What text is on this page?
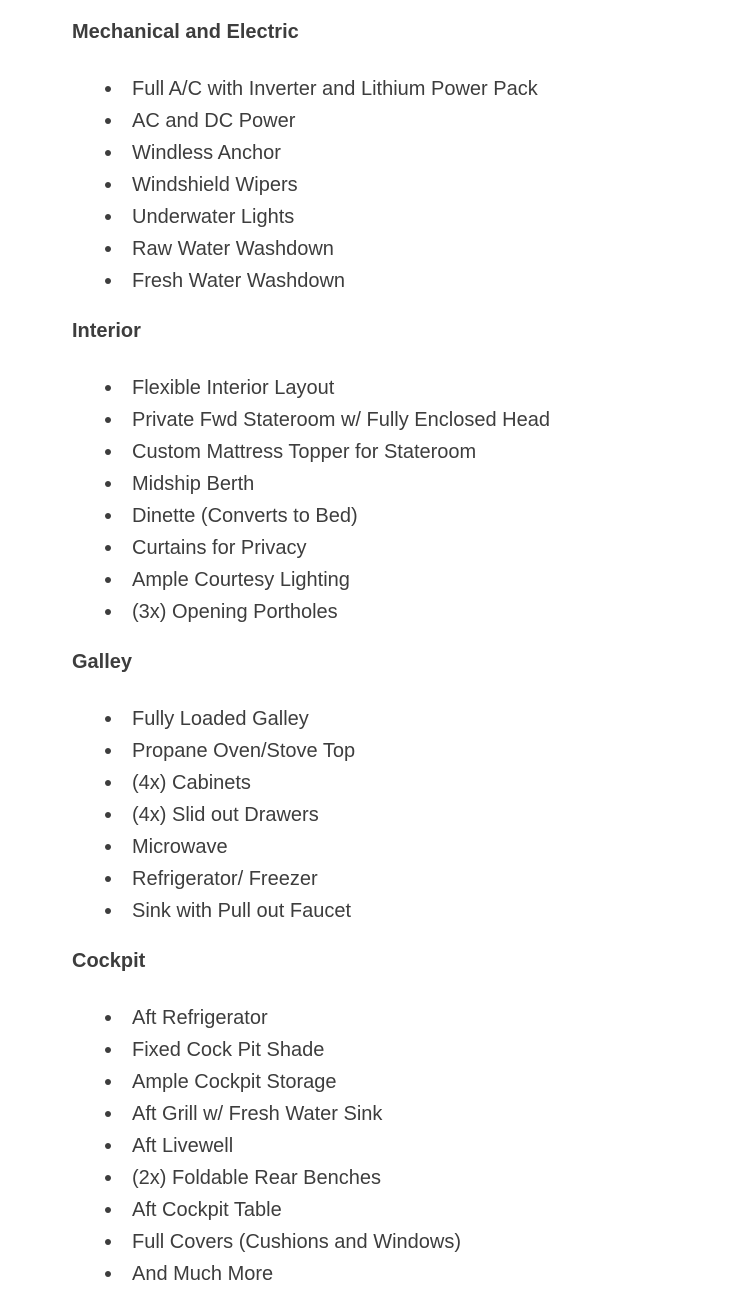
Mechanical and Electric
Full A/C with Inverter and Lithium Power Pack
AC and DC Power
Windless Anchor
Windshield Wipers
Underwater Lights
Raw Water Washdown
Fresh Water Washdown
Interior
Flexible Interior Layout
Private Fwd Stateroom w/ Fully Enclosed Head
Custom Mattress Topper for Stateroom
Midship Berth
Dinette (Converts to Bed)
Curtains for Privacy
Ample Courtesy Lighting
(3x) Opening Portholes
Galley
Fully Loaded Galley
Propane Oven/Stove Top
(4x) Cabinets
(4x) Slid out Drawers
Microwave
Refrigerator/ Freezer
Sink with Pull out Faucet
Cockpit
Aft Refrigerator
Fixed Cock Pit Shade
Ample Cockpit Storage
Aft Grill w/ Fresh Water Sink
Aft Livewell
(2x) Foldable Rear Benches
Aft Cockpit Table
Full Covers (Cushions and Windows)
And Much More
